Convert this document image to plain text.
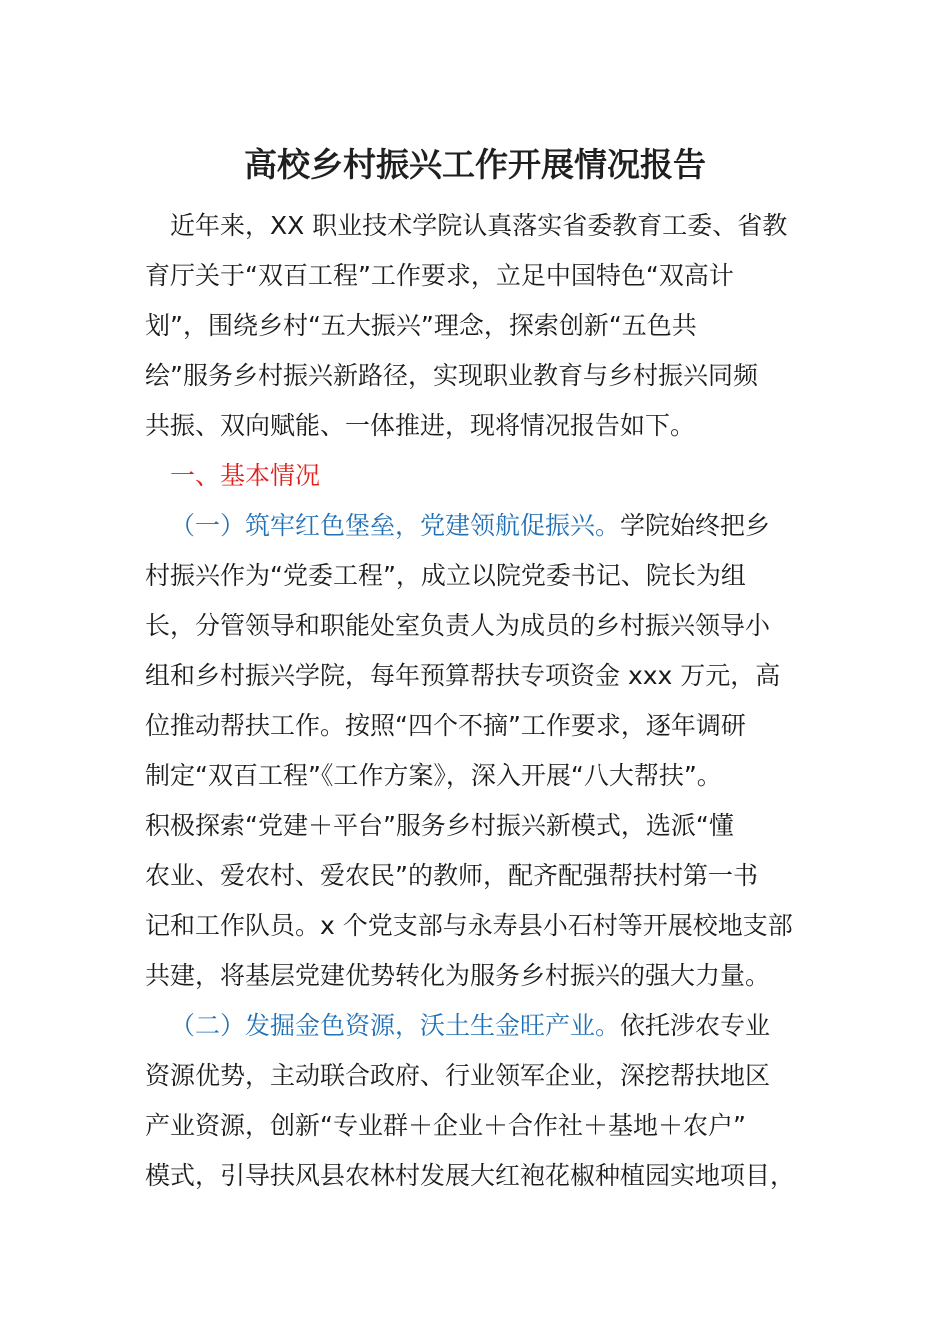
高校乡村振兴工作开展情况报告
近年来，XX 职业技术学院认真落实省委教育工委、省教
育厅关于“双百工程”工作要求，立足中国特色“双高计
划”，围绕乡村“五大振兴”理念，探索创新“五色共
绘”服务乡村振兴新路径，实现职业教育与乡村振兴同频
共振、双向赋能、一体推进，现将情况报告如下。
一、基本情况
（一）筑牢红色堡垒，党建领航促振兴。学院始终把乡
村振兴作为“党委工程”，成立以院党委书记、院长为组
长，分管领导和职能处室负责人为成员的乡村振兴领导小
组和乡村振兴学院，每年预算帮扶专项资金 xxx 万元，高
位推动帮扶工作。按照“四个不摘”工作要求，逐年调研
制定“双百工程”《工作方案》，深入开展“八大帮扶”。
积极探索“党建＋平台”服务乡村振兴新模式，选派“懂
农业、爱农村、爱农民”的教师，配齐配强帮扶村第一书
记和工作队员。x 个党支部与永寿县小石村等开展校地支部
共建，将基层党建优势转化为服务乡村振兴的强大力量。
（二）发掘金色资源，沃土生金旺产业。依托涉农专业
资源优势，主动联合政府、行业领军企业，深挖帮扶地区
产业资源，创新“专业群＋企业＋合作社＋基地＋农户”
模式，引导扶风县农林村发展大红袍花椒种植园实地项目，
